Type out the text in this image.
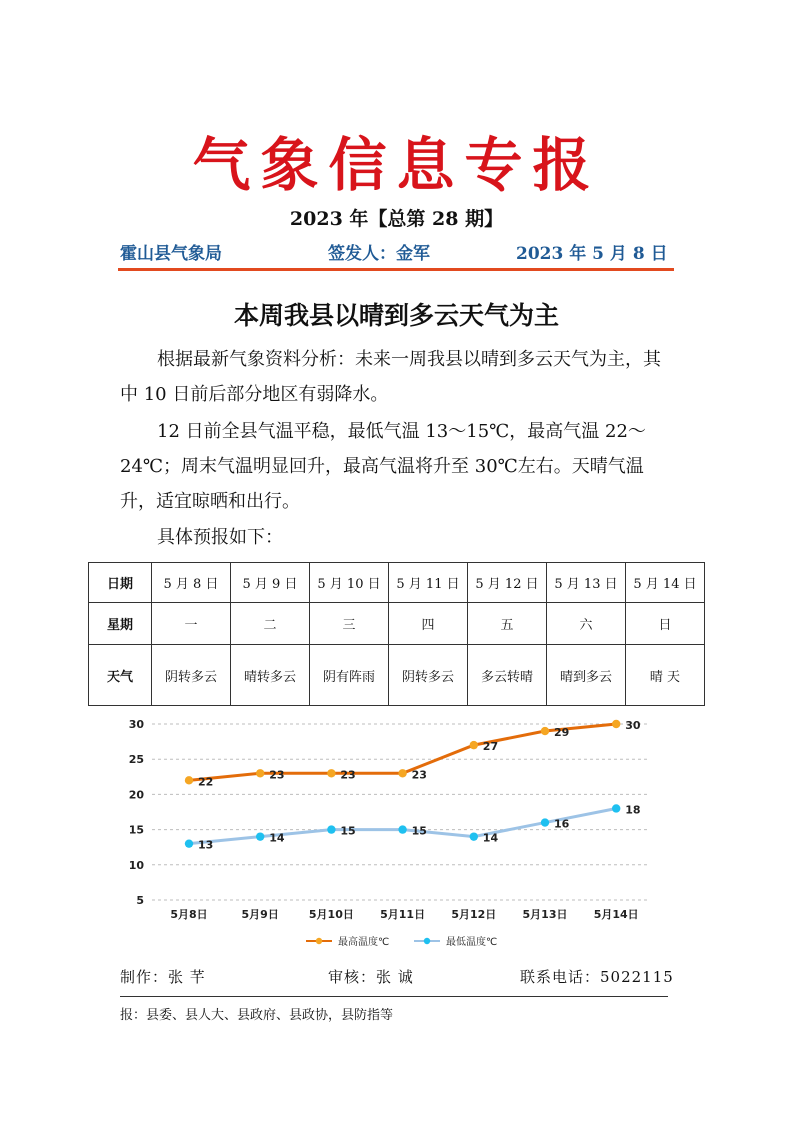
气象信息专报
2023 年【总第 28 期】
霍山县气象局	签发人：金军	2023 年 5 月 8 日
本周我县以晴到多云天气为主

根据最新气象资料分析：未来一周我县以晴到多云天气为主，其中 10 日前后部分地区有弱降水。

12 日前全县气温平稳，最低气温 13～15℃，最高气温 22～24℃；周末气温明显回升，最高气温将升至 30℃左右。天晴气温升，适宜晾晒和出行。

具体预报如下：

日期	5 月 8 日	5 月 9 日	5 月 10 日	5 月 11 日	5 月 12 日	5 月 13 日	5 月 14 日
星期	一	二	三	四	五	六	日
天气	阴转多云	晴转多云	阴有阵雨	阴转多云	多云转晴	晴到多云	晴 天
5
10
15
20
25
30
5月8日	5月9日	5月10日 5月11日 5月12日 5月13日 5月14日
22
23	23	23
27
29
30
13
14
15	15
14
16
18
最高温度℃	最低温度℃
制作：张 芊	审核：张 诚	联系电话：5022115
报：县委、县人大、县政府、县政协，县防指等
